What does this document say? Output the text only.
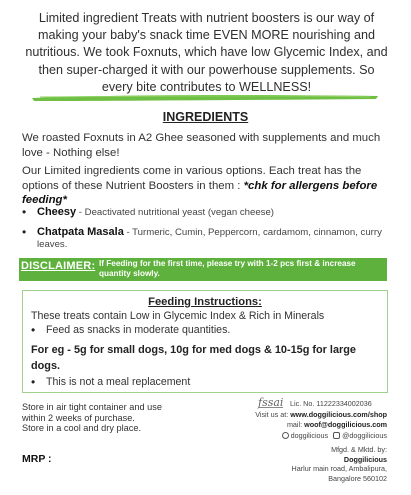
Limited ingredient Treats with nutrient boosters is our way of making your baby's snack time EVEN MORE nourishing and nutritious. We took Foxnuts, which have low Glycemic Index, and then super-charged it with our powerhouse supplements. So every bite contributes to WELLNESS!

INGREDIENTS

We roasted Foxnuts in A2 Ghee seasoned with supplements and much love - Nothing else!

Our Limited ingredients come in various options. Each treat has the options of these Nutrient Boosters in them : *chk for allergens before feeding*

• Cheesy - Deactivated nutritional yeast (vegan cheese)
• Chatpata Masala - Turmeric, Cumin, Peppercorn, cardamom, cinnamon, curry leaves.
DISCLAIMER: If Feeding for the first time, please try with 1-2 pcs first & increase quantity slowly.
Feeding Instructions:

These treats contain Low in Glycemic Index & Rich in Minerals

• Feed as snacks in moderate quantities.

For eg - 5g for small dogs, 10g for med dogs & 10-15g for large dogs.

• This is not a meal replacement

Store in air tight container and use within 2 weeks of purchase.
Store in a cool and dry place.

MRP :

fssai Lic. No. 11222334002036

Visit us at: www.doggilicious.com/shop
mail: woof@doggilicious.com

doggilicious @doggilicious

Mfgd. & Mktd. by:
Doggilicious
Harlur main road, Ambalipura,
Bangalore 560102
